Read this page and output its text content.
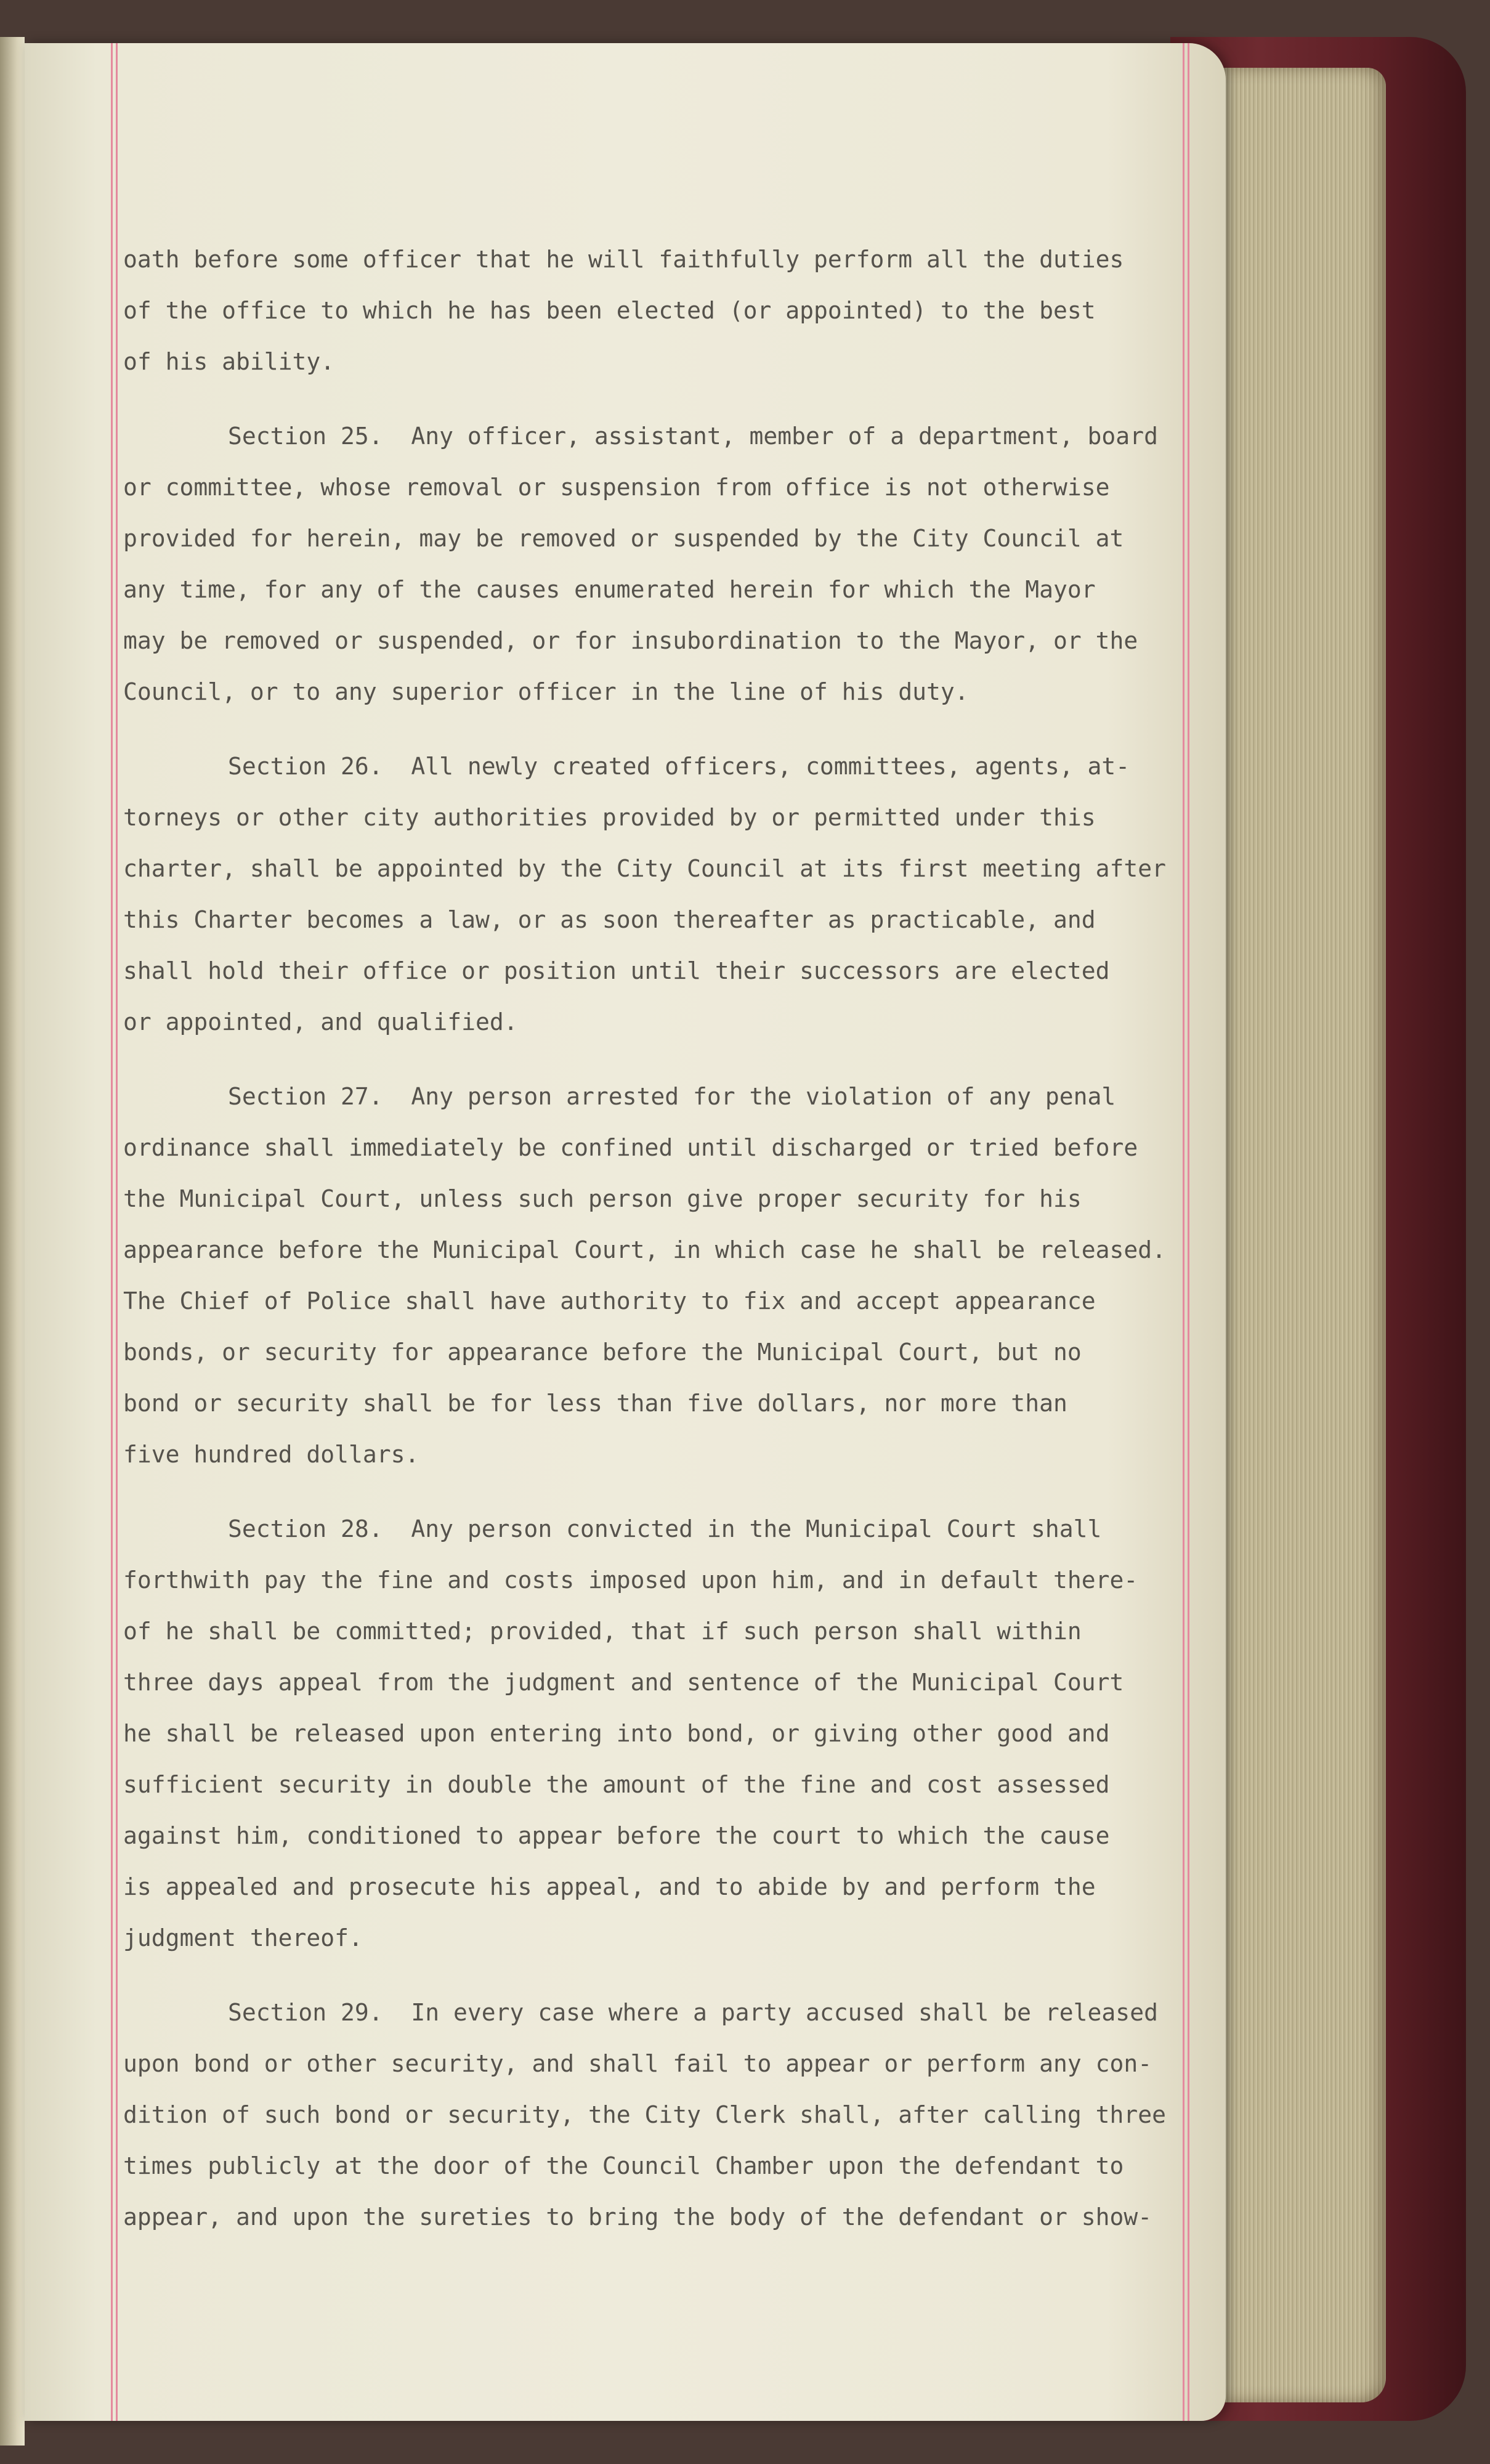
oath before some officer that he will faithfully perform all the duties
of the office to which he has been elected (or appointed) to the best
of his ability.
Section 25.  Any officer, assistant, member of a department, board
or committee, whose removal or suspension from office is not otherwise
provided for herein, may be removed or suspended by the City Council at
any time, for any of the causes enumerated herein for which the Mayor
may be removed or suspended, or for insubordination to the Mayor, or the
Council, or to any superior officer in the line of his duty.
Section 26.  All newly created officers, committees, agents, at-
torneys or other city authorities provided by or permitted under this
charter, shall be appointed by the City Council at its first meeting after
this Charter becomes a law, or as soon thereafter as practicable, and
shall hold their office or position until their successors are elected
or appointed, and qualified.
Section 27.  Any person arrested for the violation of any penal
ordinance shall immediately be confined until discharged or tried before
the Municipal Court, unless such person give proper security for his
appearance before the Municipal Court, in which case he shall be released.
The Chief of Police shall have authority to fix and accept appearance
bonds, or security for appearance before the Municipal Court, but no
bond or security shall be for less than five dollars, nor more than
five hundred dollars.
Section 28.  Any person convicted in the Municipal Court shall
forthwith pay the fine and costs imposed upon him, and in default there-
of he shall be committed; provided, that if such person shall within
three days appeal from the judgment and sentence of the Municipal Court
he shall be released upon entering into bond, or giving other good and
sufficient security in double the amount of the fine and cost assessed
against him, conditioned to appear before the court to which the cause
is appealed and prosecute his appeal, and to abide by and perform the
judgment thereof.
Section 29.  In every case where a party accused shall be released
upon bond or other security, and shall fail to appear or perform any con-
dition of such bond or security, the City Clerk shall, after calling three
times publicly at the door of the Council Chamber upon the defendant to
appear, and upon the sureties to bring the body of the defendant or show-
